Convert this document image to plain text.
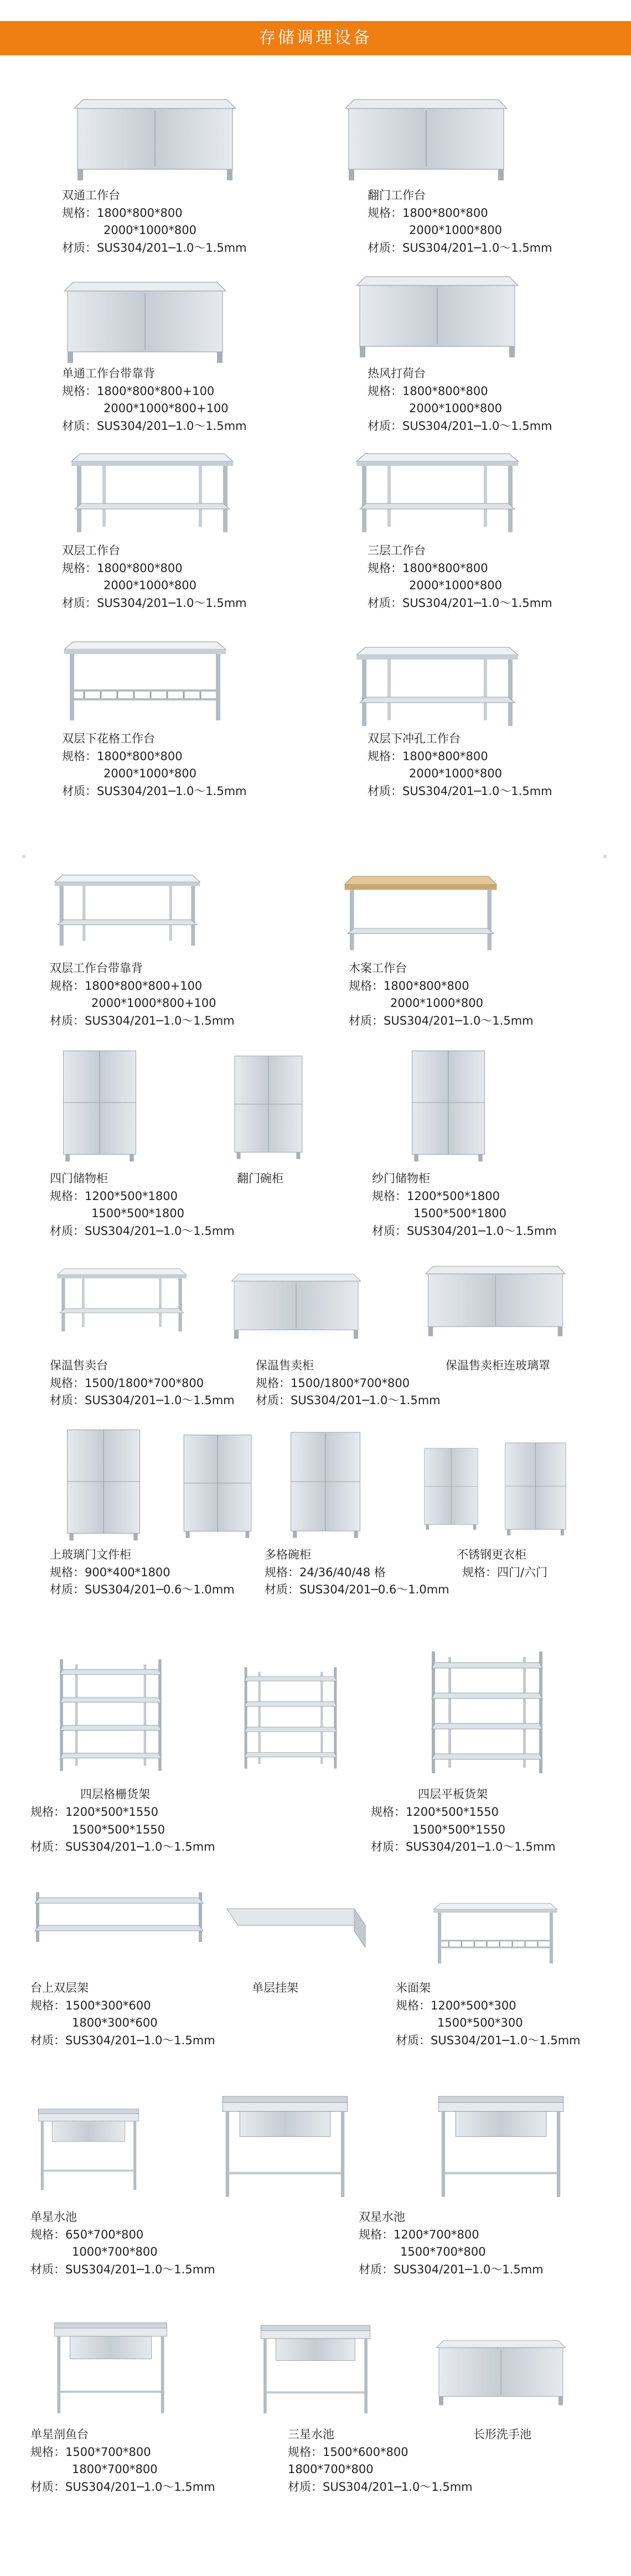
存储调理设备
双通工作台
规格：1800*800*800
2000*1000*800
材质：SUS304/201─1.0～1.5mm
翻门工作台
规格：1800*800*800
2000*1000*800
材质：SUS304/201─1.0～1.5mm
单通工作台带靠背
规格：1800*800*800+100
2000*1000*800+100
材质：SUS304/201─1.0～1.5mm
热风打荷台
规格：1800*800*800
2000*1000*800
材质：SUS304/201─1.0～1.5mm
双层工作台
规格：1800*800*800
2000*1000*800
材质：SUS304/201─1.0～1.5mm
三层工作台
规格：1800*800*800
2000*1000*800
材质：SUS304/201─1.0～1.5mm
双层下花格工作台
规格：1800*800*800
2000*1000*800
材质：SUS304/201─1.0～1.5mm
双层下冲孔工作台
规格：1800*800*800
2000*1000*800
材质：SUS304/201─1.0～1.5mm
双层工作台带靠背
规格：1800*800*800+100
2000*1000*800+100
材质：SUS304/201─1.0～1.5mm
木案工作台
规格：1800*800*800
2000*1000*800
材质：SUS304/201─1.0～1.5mm
四门储物柜
规格：1200*500*1800
1500*500*1800
材质：SUS304/201─1.0～1.5mm
翻门碗柜	纱门储物柜
规格：1200*500*1800
1500*500*1800
材质：SUS304/201─1.0～1.5mm
保温售卖台
规格：1500/1800*700*800
材质：SUS304/201─1.0～1.5mm
保温售卖柜
规格：1500/1800*700*800
材质：SUS304/201─1.0～1.5mm
保温售卖柜连玻璃罩
上玻璃门文件柜
规格：900*400*1800
材质：SUS304/201─0.6～1.0mm
多格碗柜
规格：24/36/40/48 格
材质：SUS304/201─0.6～1.0mm
不锈钢更衣柜
规格：四门/六门
四层格栅货架
规格：1200*500*1550
1500*500*1550
材质：SUS304/201─1.0～1.5mm
四层平板货架
规格：1200*500*1550
1500*500*1550
材质：SUS304/201─1.0～1.5mm
台上双层架
规格：1500*300*600
1800*300*600
材质：SUS304/201─1.0～1.5mm
单层挂架	米面架
规格：1200*500*300
1500*500*300
材质：SUS304/201─1.0～1.5mm
单星水池
规格：650*700*800
1000*700*800
材质：SUS304/201─1.0～1.5mm
双星水池
规格：1200*700*800
1500*700*800
材质：SUS304/201─1.0～1.5mm
单星剖鱼台
规格：1500*700*800
1800*700*800
材质：SUS304/201─1.0～1.5mm
三星水池
规格：1500*600*800
1800*700*800
材质：SUS304/201─1.0～1.5mm
长形洗手池
